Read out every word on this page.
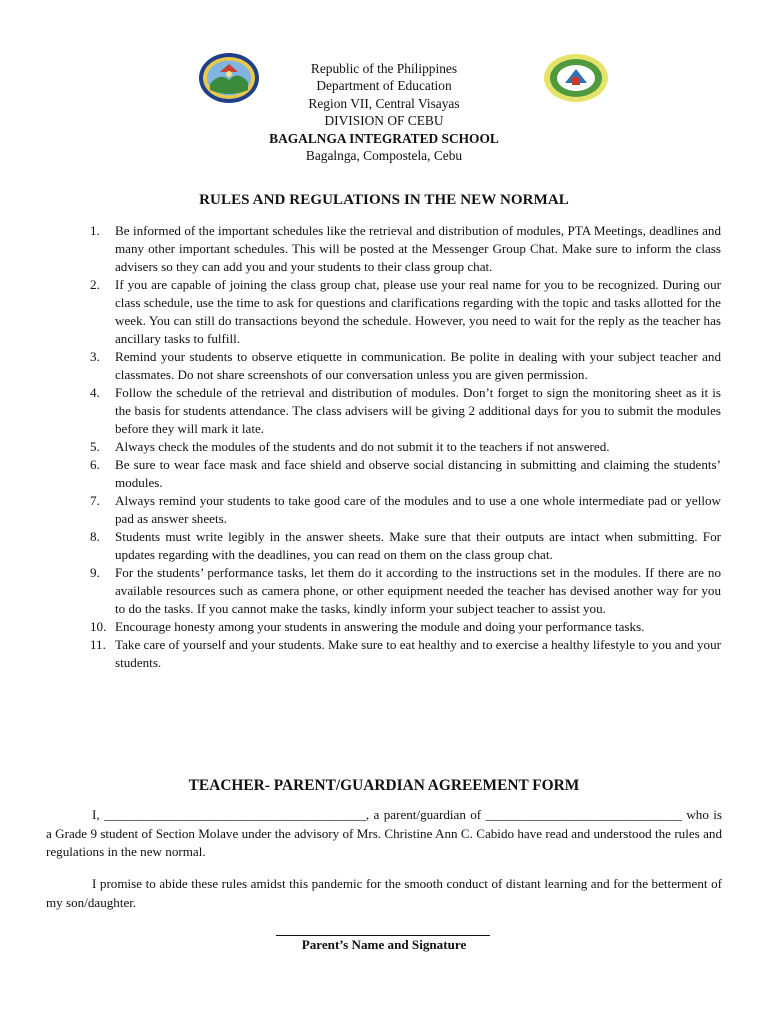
Republic of the Philippines
Department of Education
Region VII, Central Visayas
DIVISION OF CEBU
BAGALNGA INTEGRATED SCHOOL
Bagalnga, Compostela, Cebu
RULES AND REGULATIONS IN THE NEW NORMAL
1. Be informed of the important schedules like the retrieval and distribution of modules, PTA Meetings, deadlines and many other important schedules. This will be posted at the Messenger Group Chat. Make sure to inform the class advisers so they can add you and your students to their class group chat.
2. If you are capable of joining the class group chat, please use your real name for you to be recognized. During our class schedule, use the time to ask for questions and clarifications regarding with the topic and tasks allotted for the week. You can still do transactions beyond the schedule. However, you need to wait for the reply as the teacher has ancillary tasks to fulfill.
3. Remind your students to observe etiquette in communication. Be polite in dealing with your subject teacher and classmates. Do not share screenshots of our conversation unless you are given permission.
4. Follow the schedule of the retrieval and distribution of modules. Don’t forget to sign the monitoring sheet as it is the basis for students attendance. The class advisers will be giving 2 additional days for you to submit the modules before they will mark it late.
5. Always check the modules of the students and do not submit it to the teachers if not answered.
6. Be sure to wear face mask and face shield and observe social distancing in submitting and claiming the students’ modules.
7. Always remind your students to take good care of the modules and to use a one whole intermediate pad or yellow pad as answer sheets.
8. Students must write legibly in the answer sheets. Make sure that their outputs are intact when submitting. For updates regarding with the deadlines, you can read on them on the class group chat.
9. For the students’ performance tasks, let them do it according to the instructions set in the modules. If there are no available resources such as camera phone, or other equipment needed the teacher has devised another way for you to do the tasks. If you cannot make the tasks, kindly inform your subject teacher to assist you.
10. Encourage honesty among your students in answering the module and doing your performance tasks.
11. Take care of yourself and your students. Make sure to eat healthy and to exercise a healthy lifestyle to you and your students.
TEACHER- PARENT/GUARDIAN AGREEMENT FORM
I, ________________________________________, a parent/guardian of ______________________________ who is a Grade 9 student of Section Molave under the advisory of Mrs. Christine Ann C. Cabido have read and understood the rules and regulations in the new normal.
I promise to abide these rules amidst this pandemic for the smooth conduct of distant learning and for the betterment of my son/daughter.
Parent’s Name and Signature
